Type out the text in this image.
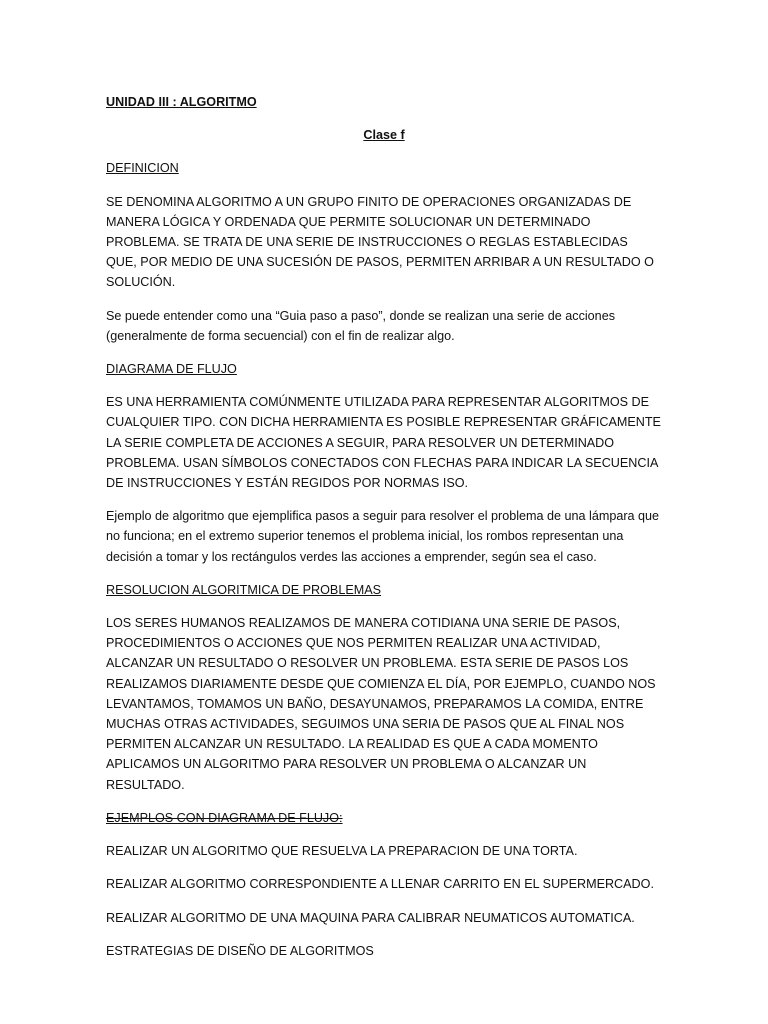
UNIDAD III : ALGORITMO
Clase f
DEFINICION

SE DENOMINA ALGORITMO A UN GRUPO FINITO DE OPERACIONES ORGANIZADAS DE MANERA LÓGICA Y ORDENADA QUE PERMITE SOLUCIONAR UN DETERMINADO PROBLEMA. SE TRATA DE UNA SERIE DE INSTRUCCIONES O REGLAS ESTABLECIDAS QUE, POR MEDIO DE UNA SUCESIÓN DE PASOS, PERMITEN ARRIBAR A UN RESULTADO O SOLUCIÓN.

Se puede entender como una “Guia paso a paso”, donde se realizan una serie de acciones (generalmente de forma secuencial) con el fin de realizar algo.

DIAGRAMA DE FLUJO

ES UNA HERRAMIENTA COMÚNMENTE UTILIZADA PARA REPRESENTAR ALGORITMOS DE CUALQUIER TIPO. CON DICHA HERRAMIENTA ES POSIBLE REPRESENTAR GRÁFICAMENTE LA SERIE COMPLETA DE ACCIONES A SEGUIR, PARA RESOLVER UN DETERMINADO PROBLEMA. USAN SÍMBOLOS CONECTADOS CON FLECHAS PARA INDICAR LA SECUENCIA DE INSTRUCCIONES Y ESTÁN REGIDOS POR NORMAS ISO.

Ejemplo de algoritmo que ejemplifica pasos a seguir para resolver el problema de una lámpara que no funciona; en el extremo superior tenemos el problema inicial, los rombos representan una decisión a tomar y los rectángulos verdes las acciones a emprender, según sea el caso.

RESOLUCION ALGORITMICA DE PROBLEMAS

LOS SERES HUMANOS REALIZAMOS DE MANERA COTIDIANA UNA SERIE DE PASOS, PROCEDIMIENTOS O ACCIONES QUE NOS PERMITEN REALIZAR UNA ACTIVIDAD, ALCANZAR UN RESULTADO O RESOLVER UN PROBLEMA. ESTA SERIE DE PASOS LOS REALIZAMOS DIARIAMENTE DESDE QUE COMIENZA EL DÍA, POR EJEMPLO, CUANDO NOS LEVANTAMOS, TOMAMOS UN BAÑO, DESAYUNAMOS, PREPARAMOS LA COMIDA, ENTRE MUCHAS OTRAS ACTIVIDADES, SEGUIMOS UNA SERIA DE PASOS QUE AL FINAL NOS PERMITEN ALCANZAR UN RESULTADO. LA REALIDAD ES QUE A CADA MOMENTO APLICAMOS UN ALGORITMO PARA RESOLVER UN PROBLEMA O ALCANZAR UN RESULTADO.

EJEMPLOS CON DIAGRAMA DE FLUJO:

REALIZAR UN ALGORITMO QUE RESUELVA LA PREPARACION DE UNA TORTA.

REALIZAR ALGORITMO CORRESPONDIENTE A LLENAR CARRITO EN EL SUPERMERCADO.

REALIZAR ALGORITMO DE UNA MAQUINA PARA CALIBRAR NEUMATICOS AUTOMATICA.

ESTRATEGIAS DE DISEÑO DE ALGORITMOS
